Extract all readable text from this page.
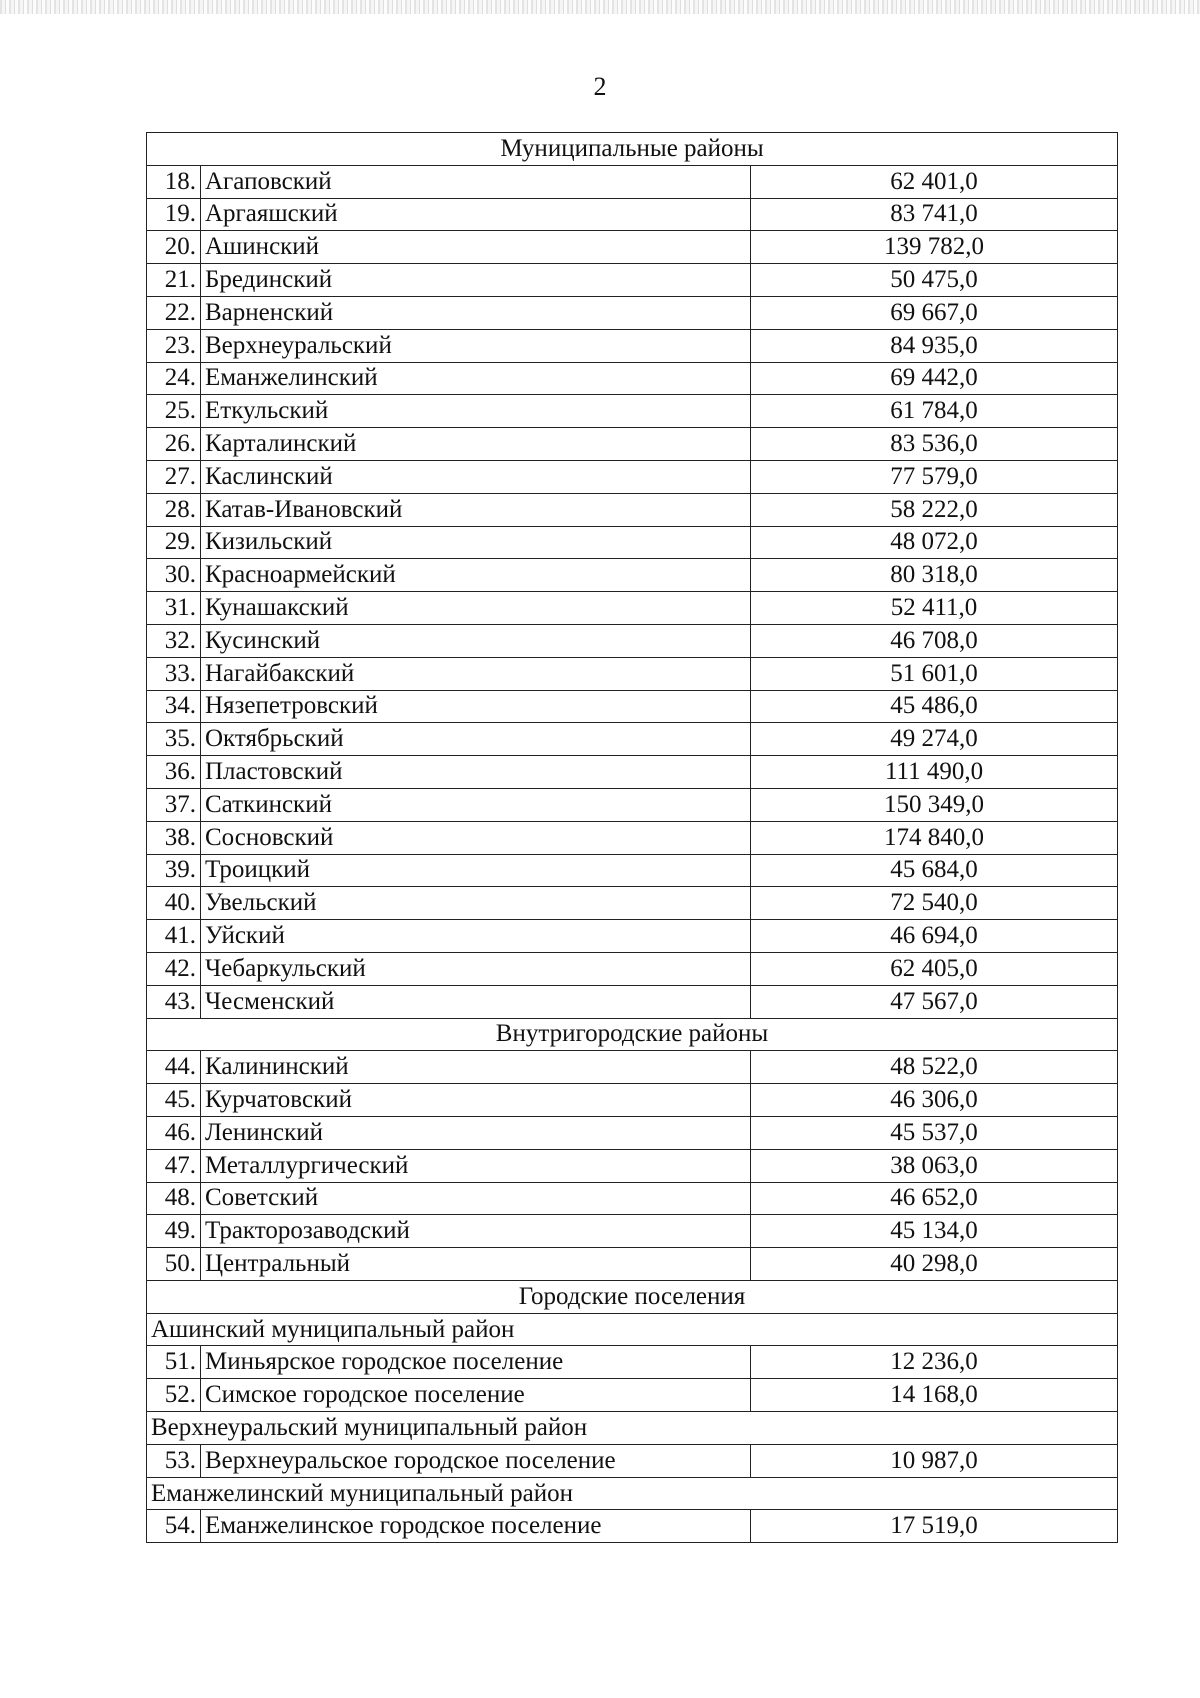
2
Муниципальные районы		
18.	Агаповский	62 401,0
19.	Аргаяшский	83 741,0
20.	Ашинский	139 782,0
21.	Брединский	50 475,0
22.	Варненский	69 667,0
23.	Верхнеуральский	84 935,0
24.	Еманжелинский	69 442,0
25.	Еткульский	61 784,0
26.	Карталинский	83 536,0
27.	Каслинский	77 579,0
28.	Катав-Ивановский	58 222,0
29.	Кизильский	48 072,0
30.	Красноармейский	80 318,0
31.	Кунашакский	52 411,0
32.	Кусинский	46 708,0
33.	Нагайбакский	51 601,0
34.	Нязепетровский	45 486,0
35.	Октябрьский	49 274,0
36.	Пластовский	111 490,0
37.	Саткинский	150 349,0
38.	Сосновский	174 840,0
39.	Троицкий	45 684,0
40.	Увельский	72 540,0
41.	Уйский	46 694,0
42.	Чебаркульский	62 405,0
43.	Чесменский	47 567,0
Внутригородские районы		
44.	Калининский	48 522,0
45.	Курчатовский	46 306,0
46.	Ленинский	45 537,0
47.	Металлургический	38 063,0
48.	Советский	46 652,0
49.	Тракторозаводский	45 134,0
50.	Центральный	40 298,0
Городские поселения		
Ашинский муниципальный район		
51.	Миньярское городское поселение	12 236,0
52.	Симское городское поселение	14 168,0
Верхнеуральский муниципальный район		
53.	Верхнеуральское городское поселение	10 987,0
Еманжелинский муниципальный район		
54.	Еманжелинское городское поселение	17 519,0
